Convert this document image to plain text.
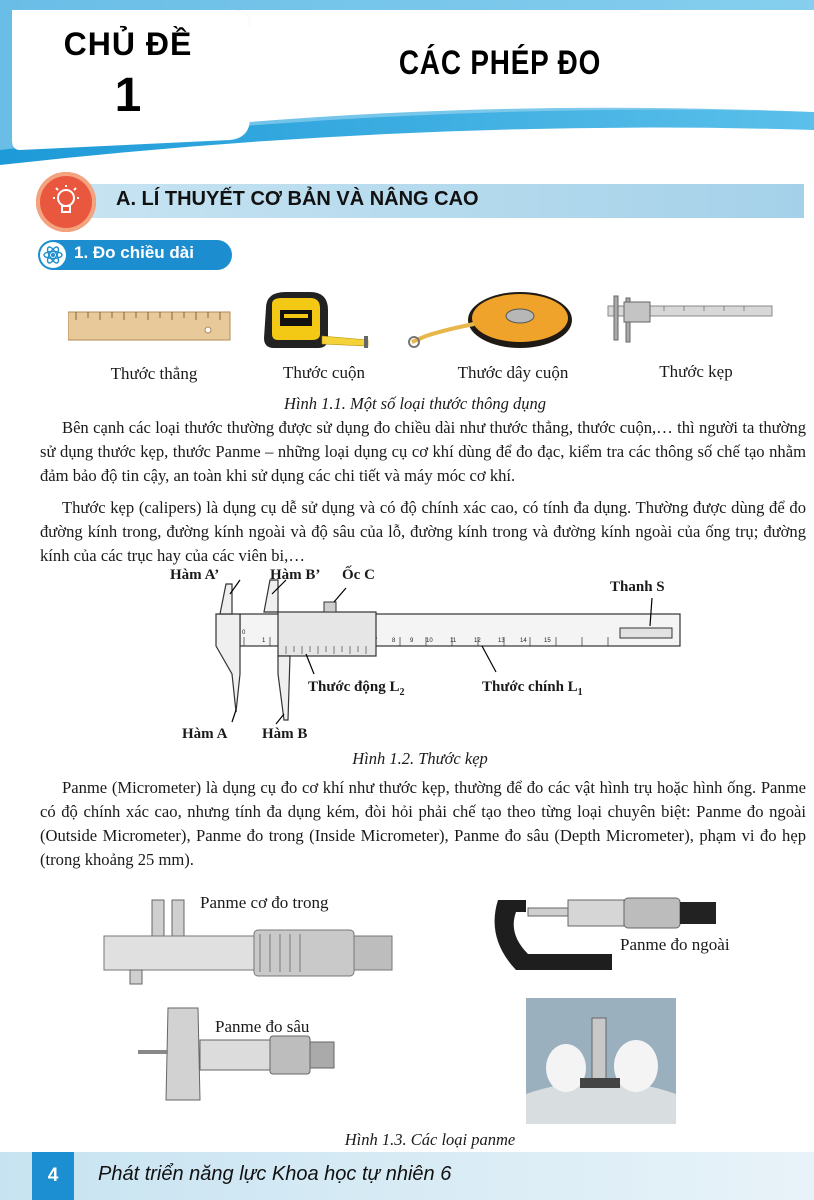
CHỦ ĐỀ
1
CÁC PHÉP ĐO
A. LÍ THUYẾT CƠ BẢN VÀ NÂNG CAO
1. Đo chiều dài
Thước thẳng	Thước cuộn	Thước dây cuộn	Thước kẹp
Hình 1.1. Một số loại thước thông dụng

Bên cạnh các loại thước thường được sử dụng đo chiều dài như thước thẳng, thước cuộn,… thì người ta thường sử dụng thước kẹp, thước Panme – những loại dụng cụ cơ khí dùng để đo đạc, kiểm tra các thông số chế tạo nhằm đảm bảo độ tin cậy, an toàn khi sử dụng các chi tiết và máy móc cơ khí.

Thước kẹp (calipers) là dụng cụ dễ sử dụng và có độ chính xác cao, có tính đa dụng. Thường được dùng để đo đường kính trong, đường kính ngoài và độ sâu của lỗ, đường kính trong và đường kính ngoài của ống trụ; đường kính của các trục hay của các viên bi,…

0
1	8 9 10	11	12	13	14	15
Hàm A’	Hàm B’ Ốc C
Thanh S
Thước động $L_2$	Thước chính $L_1$
Hàm A Hàm B
Hình 1.2. Thước kẹp

Panme (Micrometer) là dụng cụ đo cơ khí như thước kẹp, thường để đo các vật hình trụ hoặc hình ống. Panme có độ chính xác cao, nhưng tính đa dụng kém, đòi hỏi phải chế tạo theo từng loại chuyên biệt: Panme đo ngoài (Outside Micrometer), Panme đo trong (Inside Micrometer), Panme đo sâu (Depth Micrometer), phạm vi đo hẹp (trong khoảng 25 mm).

Panme cơ đo trong
Panme đo ngoài
Panme đo sâu
Hình 1.3. Các loại panme
4	Phát triển năng lực Khoa học tự nhiên 6
